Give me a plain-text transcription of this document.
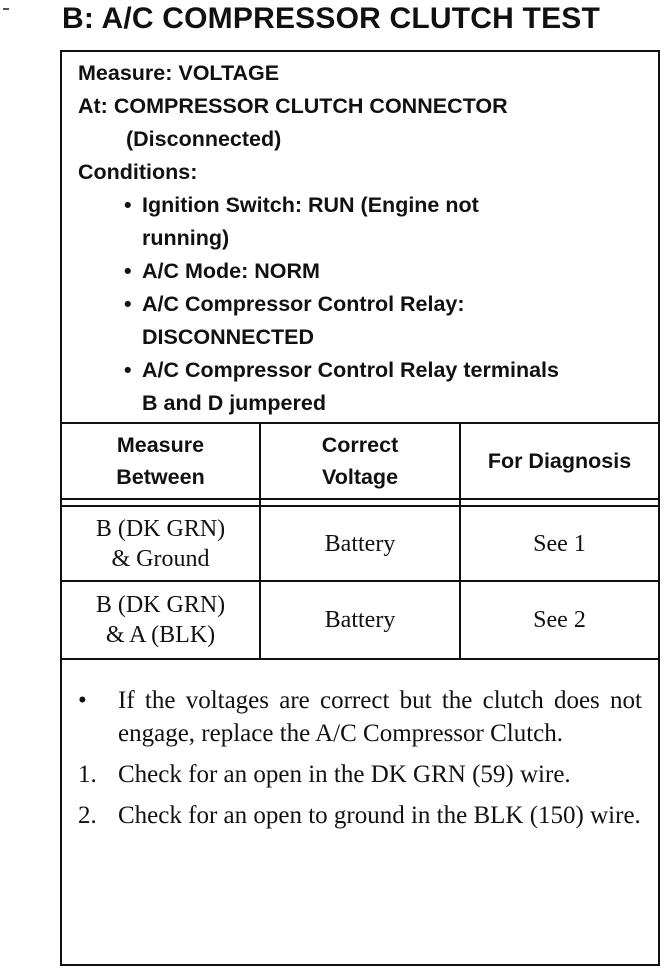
B: A/C COMPRESSOR CLUTCH TEST
Measure: VOLTAGE
At: COMPRESSOR CLUTCH CONNECTOR
(Disconnected)
Conditions:
• Ignition Switch: RUN (Engine not
running)
• A/C Mode: NORM
• A/C Compressor Control Relay:
DISCONNECTED
• A/C Compressor Control Relay terminals
B and D jumpered
Measure
Between
Correct
Voltage
For Diagnosis
B (DK GRN)
& Ground
Battery	See 1
B (DK GRN)
& A (BLK)
Battery	See 2
• If the voltages are correct but the clutch does not engage, replace the A/C Compressor Clutch.
1. Check for an open in the DK GRN (59) wire.
2. Check for an open to ground in the BLK (150) wire.
